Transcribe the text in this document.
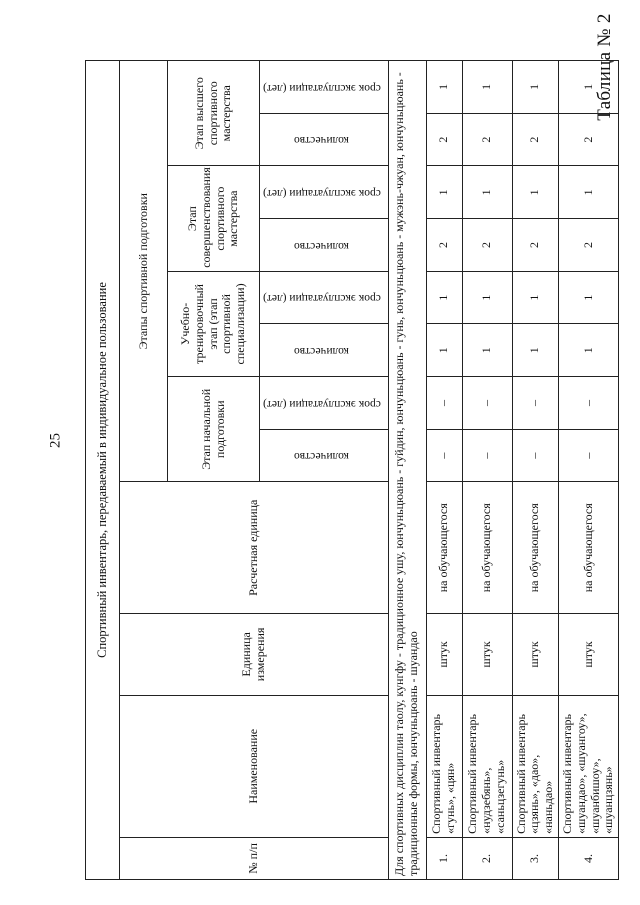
25
Таблица № 2
Спортивный инвентарь, передаваемый в индивидуальное пользование											
№ п/п	Наименование	Единица измерения	Расчетная единица	Этапы спортивной подготовки							
				Этап начальной подготовки		Учебно-тренировочный этап (этап спортивной специализации)		Этап совершенствования спортивного мастерства		Этап высшего спортивного мастерства	
				количество	срок эксплуатации (лет)	количество	срок эксплуатации (лет)	количество	срок эксплуатации (лет)	количество	срок эксплуатации (лет)
Для спортивных дисциплин таолу, кунгфу - традиционное ушу, юнчуньцюань - гуйдин, юнчуньцюань - гунь, юнчуньцюань - мужэнь-чжуан, юнчуньцюань - традиционные формы, юнчуньцюань - шуандао											
1.	Спортивный инвентарь «гунь», «цян»	штук	на обучающегося	–	–	1	1	2	1	2	1
2.	Спортивный инвентарь «нудзебянь», «саньцзегунь»	штук	на обучающегося	–	–	1	1	2	1	2	1
3.	Спортивный инвентарь «цзянь», «дао», «наньдао»	штук	на обучающегося	–	–	1	1	2	1	2	1
4.	Спортивный инвентарь «шуандао», «шуангоу», «шуанбишоу», «шуанцзянь»	штук	на обучающегося	–	–	1	1	2	1	2	1
